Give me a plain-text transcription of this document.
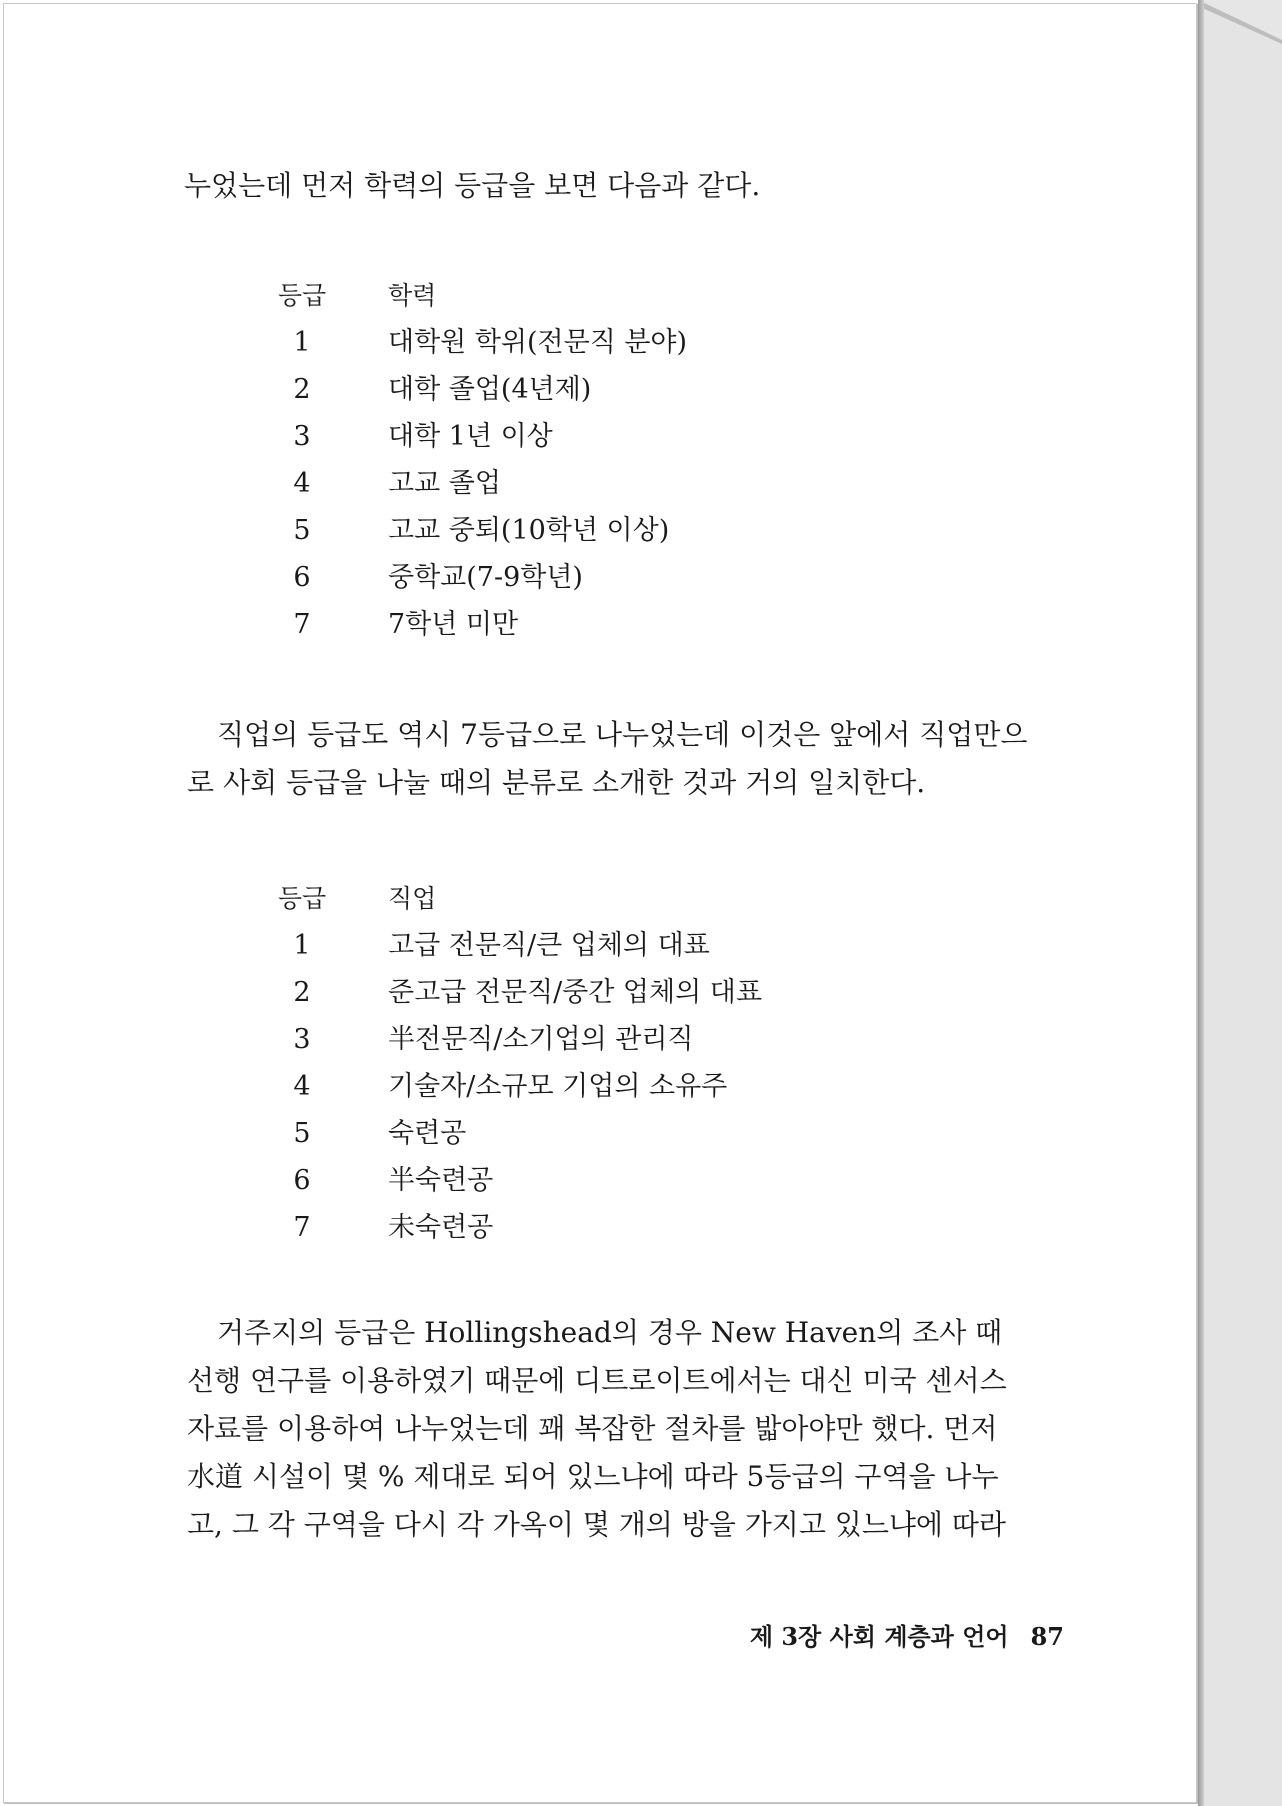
누었는데 먼저 학력의 등급을 보면 다음과 같다.
등급	학력
1	대학원 학위(전문직 분야)
2	대학 졸업(4년제)
3	대학 1년 이상
4	고교 졸업
5	고교 중퇴(10학년 이상)
6	중학교(7-9학년)
7	7학년 미만

직업의 등급도 역시 7등급으로 나누었는데 이것은 앞에서 직업만으

로 사회 등급을 나눌 때의 분류로 소개한 것과 거의 일치한다.

등급	직업
1	고급 전문직/큰 업체의 대표
2	준고급 전문직/중간 업체의 대표
3	半전문직/소기업의 관리직
4	기술자/소규모 기업의 소유주
5	숙련공
6	半숙련공
7	未숙련공

거주지의 등급은 Hollingshead의 경우 New Haven의 조사 때

선행 연구를 이용하였기 때문에 디트로이트에서는 대신 미국 센서스

자료를 이용하여 나누었는데 꽤 복잡한 절차를 밟아야만 했다. 먼저

水道 시설이 몇 % 제대로 되어 있느냐에 따라 5등급의 구역을 나누

고, 그 각 구역을 다시 각 가옥이 몇 개의 방을 가지고 있느냐에 따라

제 3장 사회 계층과 언어 87
